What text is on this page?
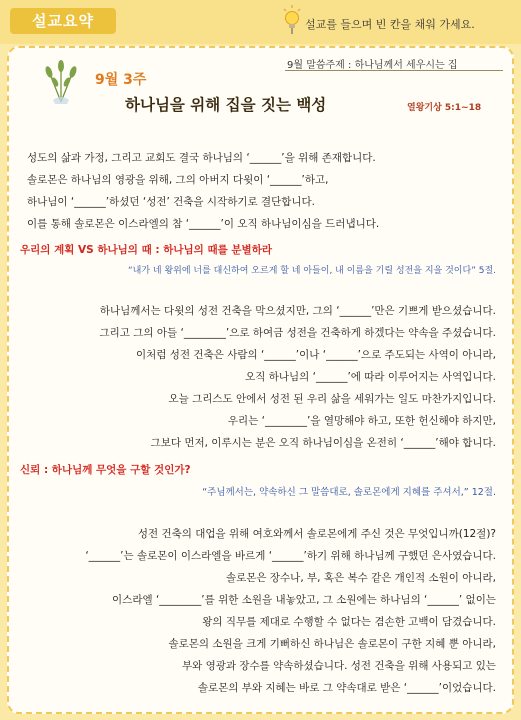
설교요약	설교를 들으며 빈 칸을 채워 가세요.
9월 3주
하나님을 위해 집을 짓는 백성
9월 말씀주제 : 하나님께서 세우시는 집
열왕기상 5:1~18
성도의 삶과 가정, 그리고 교회도 결국 하나님의 ‘______’을 위해 존재합니다.
솔로몬은 하나님의 영광을 위해, 그의 아버지 다윗이 ‘______’하고,
하나님이 ‘______’하셨던 ‘성전’ 건축을 시작하기로 결단합니다.
이를 통해 솔로몬은 이스라엘의 참 ‘______’이 오직 하나님이심을 드러냅니다.
우리의 계획 VS 하나님의 때 : 하나님의 때를 분별하라
“내가 네 왕위에 너를 대신하여 오르게 할 네 아들이, 내 이름을 기릴 성전을 지을 것이다” 5절.
하나님께서는 다윗의 성전 건축을 막으셨지만, 그의 ‘______’만은 기쁘게 받으셨습니다.
그리고 그의 아들 ‘________’으로 하여금 성전을 건축하게 하겠다는 약속을 주셨습니다.
이처럼 성전 건축은 사람의 ‘______’이나 ‘______’으로 주도되는 사역이 아니라,
오직 하나님의 ‘______’에 따라 이루어지는 사역입니다.
오늘 그리스도 안에서 성전 된 우리 삶을 세워가는 일도 마찬가지입니다.
우리는 ‘________’을 열망해야 하고, 또한 헌신해야 하지만,
그보다 먼저, 이루시는 분은 오직 하나님이심을 온전히 ‘______’해야 합니다.
신뢰 : 하나님께 무엇을 구할 것인가?
“주님께서는, 약속하신 그 말씀대로, 솔로몬에게 지혜를 주셔서,” 12절.
성전 건축의 대업을 위해 여호와께서 솔로몬에게 주신 것은 무엇입니까(12절)?
‘______’는 솔로몬이 이스라엘을 바르게 ‘______’하기 위해 하나님께 구했던 은사였습니다.
솔로몬은 장수나, 부, 혹은 복수 같은 개인적 소원이 아니라,
이스라엘 ‘________’를 위한 소원을 내놓았고, 그 소원에는 하나님의 ‘______’ 없이는
왕의 직무를 제대로 수행할 수 없다는 겸손한 고백이 담겼습니다.
솔로몬의 소원을 크게 기뻐하신 하나님은 솔로몬이 구한 지혜 뿐 아니라,
부와 영광과 장수를 약속하셨습니다. 성전 건축을 위해 사용되고 있는
솔로몬의 부와 지혜는 바로 그 약속대로 받은 ‘______’이었습니다.
